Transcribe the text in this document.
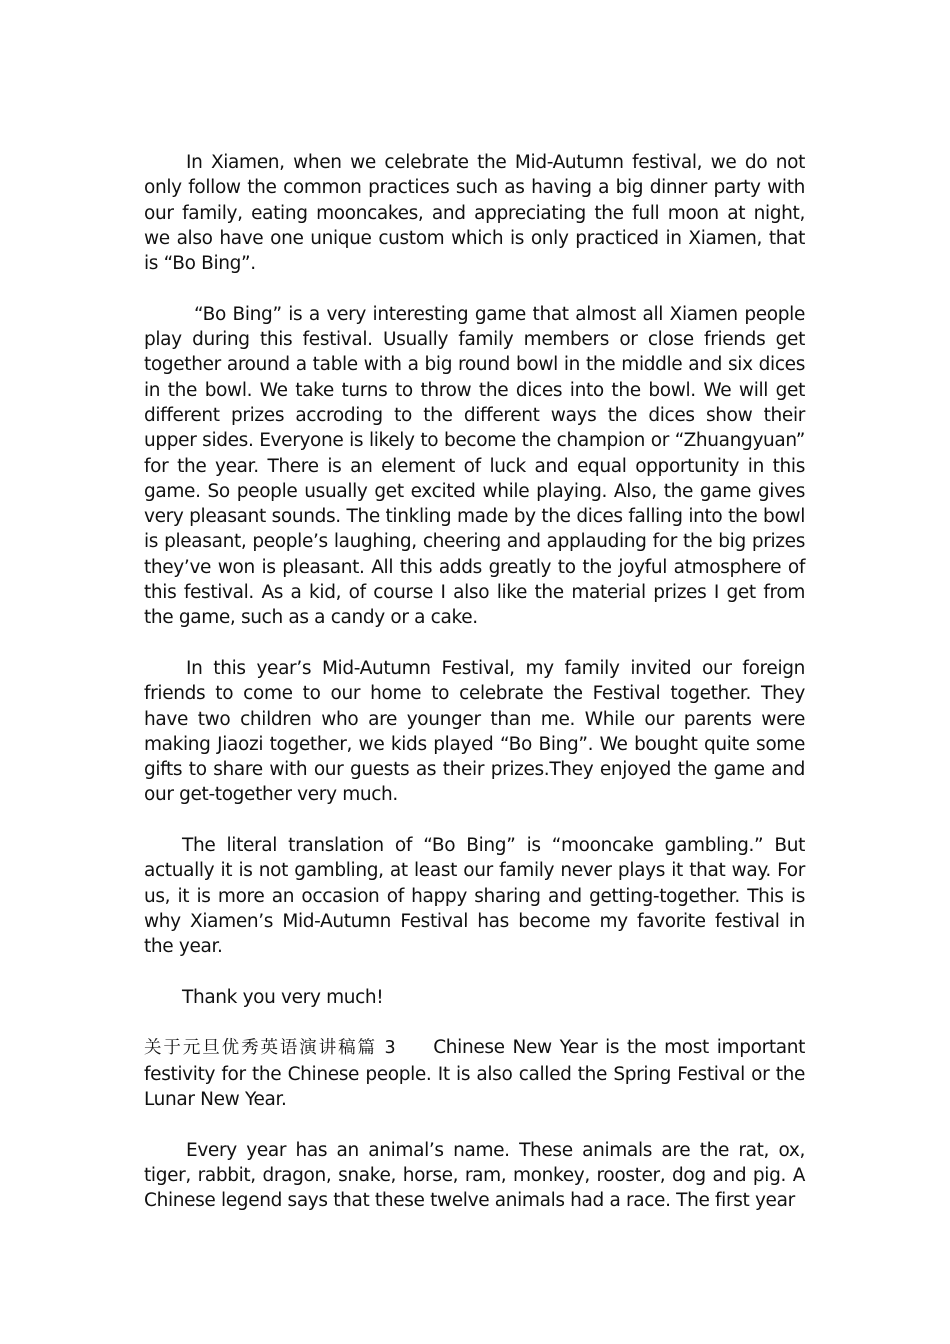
In Xiamen, when we celebrate the Mid-Autumn festival, we do not only follow the common practices such as having a big dinner party with our family, eating mooncakes, and appreciating the full moon at night, we also have one unique custom which is only practiced in Xiamen, that is “Bo Bing”.

“Bo Bing” is a very interesting game that almost all Xiamen people play during this festival. Usually family members or close friends get together around a table with a big round bowl in the middle and six dices in the bowl. We take turns to throw the dices into the bowl. We will get different prizes accroding to the different ways the dices show their upper sides. Everyone is likely to become the champion or “Zhuangyuan” for the year. There is an element of luck and equal opportunity in this game. So people usually get excited while playing. Also, the game gives very pleasant sounds. The tinkling made by the dices falling into the bowl is pleasant, people’s laughing, cheering and applauding for the big prizes they’ve won is pleasant. All this adds greatly to the joyful atmosphere of this festival. As a kid, of course I also like the material prizes I get from the game, such as a candy or a cake.

In this year’s Mid-Autumn Festival, my family invited our foreign friends to come to our home to celebrate the Festival together. They have two children who are younger than me. While our parents were making Jiaozi together, we kids played “Bo Bing”. We bought quite some gifts to share with our guests as their prizes.They enjoyed the game and our get-together very much.

The literal translation of “Bo Bing” is “mooncake gambling.” But actually it is not gambling, at least our family never plays it that way. For us, it is more an occasion of happy sharing and getting-together. This is why Xiamen’s Mid-Autumn Festival has become my favorite festival in the year.

Thank you very much!

关于元旦优秀英语演讲稿篇 3 Chinese New Year is the most important festivity for the Chinese people. It is also called the Spring Festival or the Lunar New Year.

Every year has an animal’s name. These animals are the rat, ox, tiger, rabbit, dragon, snake, horse, ram, monkey, rooster, dog and pig. A Chinese legend says that these twelve animals had a race. The first year
